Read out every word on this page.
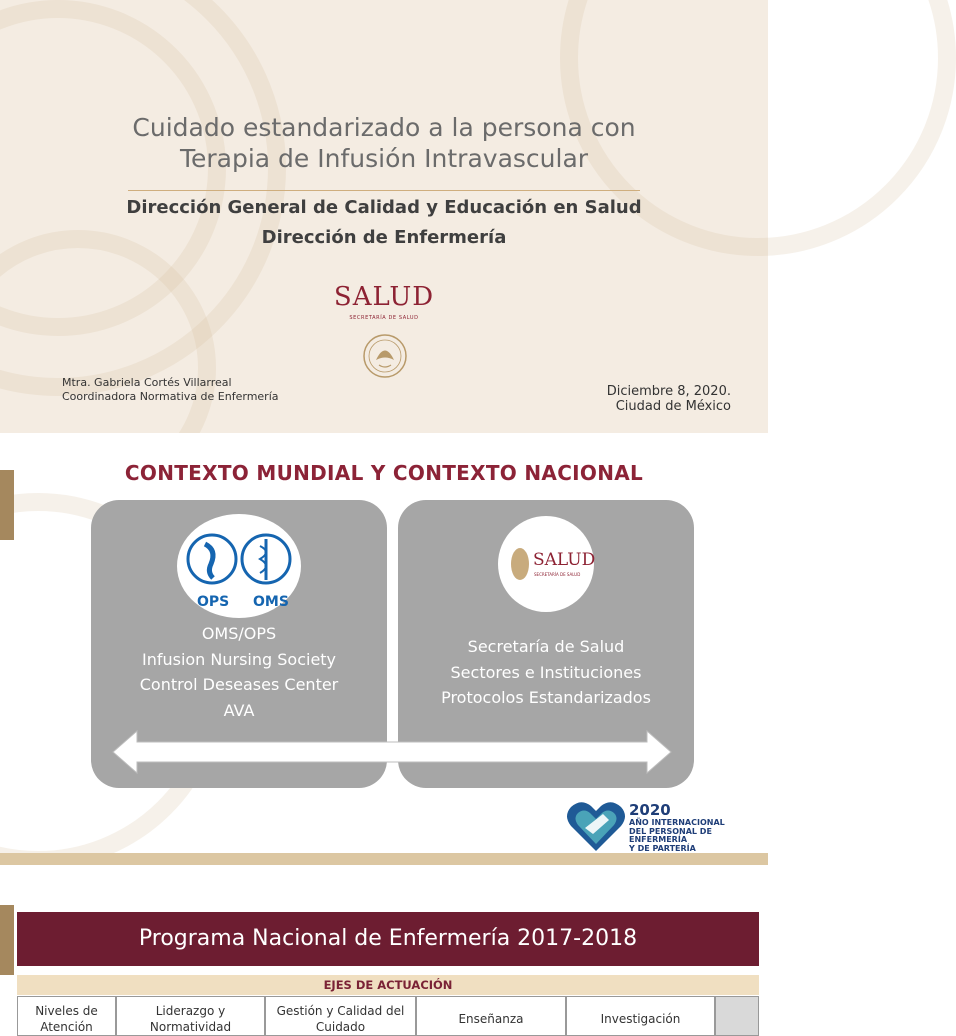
Cuidado estandarizado a la persona con
Terapia de Infusión Intravascular
Dirección General de Calidad y Educación en Salud
Dirección de Enfermería
SALUD
SECRETARÍA DE SALUD
Mtra. Gabriela Cortés Villarreal
Coordinadora Normativa de Enfermería	Diciembre 8, 2020.
Ciudad de México
CONTEXTO MUNDIAL Y CONTEXTO NACIONAL
OPS OMS
OMS/OPS
Infusion Nursing Society
Control Deseases Center
AVA
SALUD
SECRETARÍA DE SALUD
Secretaría de Salud
Sectores e Instituciones
Protocolos Estandarizados
2020
AÑO INTERNACIONAL
DEL PERSONAL DE ENFERMERÍA
Y DE PARTERÍA
Programa Nacional de Enfermería 2017-2018
EJES DE ACTUACIÓN
Niveles de Atención
Liderazgo y Normatividad
Gestión y Calidad del Cuidado
Enseñanza	Investigación
